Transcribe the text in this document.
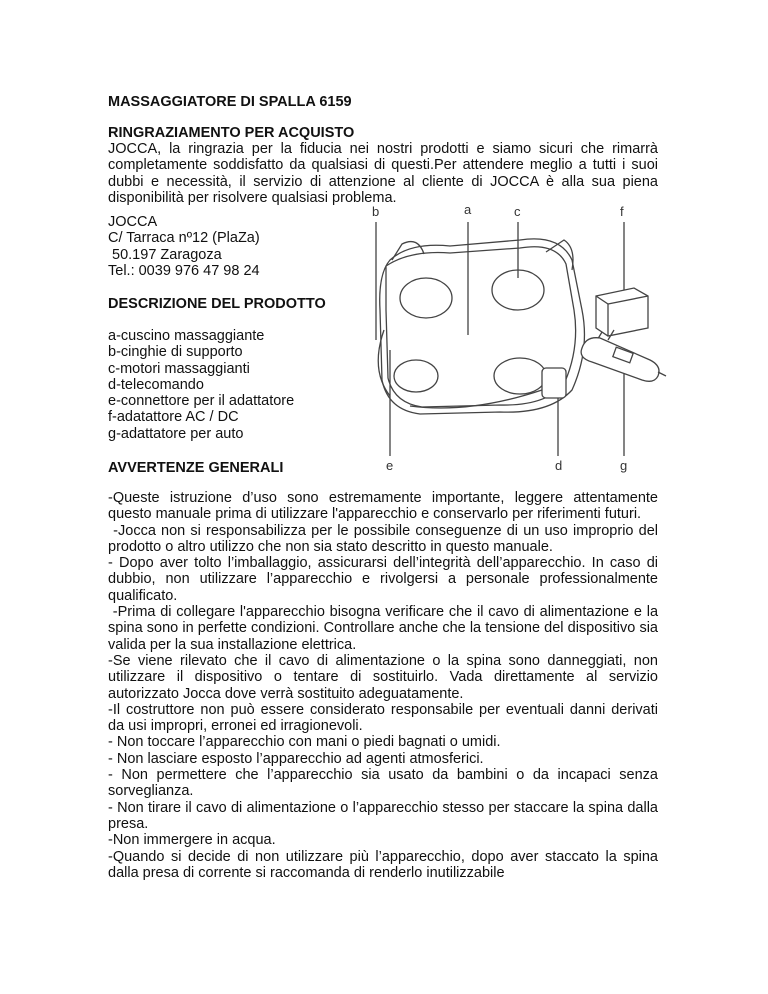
MASSAGGIATORE DI SPALLA 6159
RINGRAZIAMENTO PER ACQUISTO
JOCCA, la ringrazia per la fiducia nei nostri prodotti e siamo sicuri che rimarrà completamente soddisfatto da qualsiasi di questi.Per attendere meglio a tutti i suoi dubbi e necessità, il servizio di attenzione al cliente di JOCCA è alla sua piena disponibilità per risolvere qualsiasi problema.
JOCCA
C/ Tarraca nº12 (PlaZa)
50.197 Zaragoza
Tel.: 0039 976 47 98 24
DESCRIZIONE DEL PRODOTTO
a-cuscino massaggiante
b-cinghie di supporto
c-motori massaggianti
d-telecomando
e-connettore per il adattatore
f-adatattore AC / DC
g-adattatore per auto
b	a	c	f
e	d	g
AVVERTENZE GENERALI

-Queste istruzione d’uso sono estremamente importante, leggere attentamente questo manuale prima di utilizzare l'apparecchio e conservarlo per riferimenti futuri.

-Jocca non si responsabilizza per le possibile conseguenze di un uso improprio del prodotto o altro utilizzo che non sia stato descritto in questo manuale.

- Dopo aver tolto l’imballaggio, assicurarsi dell’integrità dell’apparecchio. In caso di dubbio, non utilizzare l’apparecchio e rivolgersi a personale professionalmente qualificato.

-Prima di collegare l'apparecchio bisogna verificare che il cavo di alimentazione e la spina sono in perfette condizioni. Controllare anche che la tensione del dispositivo sia valida per la sua installazione elettrica.

-Se viene rilevato che il cavo di alimentazione o la spina sono danneggiati, non utilizzare il dispositivo o tentare di sostituirlo. Vada direttamente al servizio autorizzato Jocca dove verrà sostituito adeguatamente.

-Il costruttore non può essere considerato responsabile per eventuali danni derivati da usi impropri, erronei ed irragionevoli.

- Non toccare l’apparecchio con mani o piedi bagnati o umidi.

- Non lasciare esposto l’apparecchio ad agenti atmosferici.

- Non permettere che l’apparecchio sia usato da bambini o da incapaci senza sorveglianza.

- Non tirare il cavo di alimentazione o l’apparecchio stesso per staccare la spina dalla presa.

-Non immergere in acqua.

-Quando si decide di non utilizzare più l’apparecchio, dopo aver staccato la spina dalla presa di corrente si raccomanda di renderlo inutilizzabile
